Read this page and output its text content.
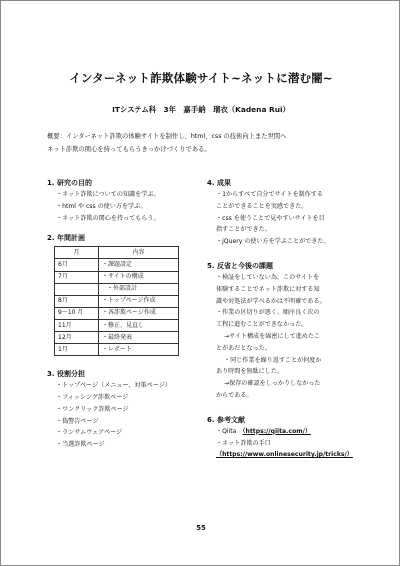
インターネット詐欺体験サイト~ネットに潜む闇~
ITシステム科　3年　嘉手納　瑠衣（Kadena Rui）

概要：インターネット詐欺の体験サイトを制作し、html、css の技術向上また世間へ

ネット詐欺の関心を持ってもらうきっかけづくりである。

1. 研究の目的

・ネット詐欺についての知識を学ぶ。

・html や css の使い方を学ぶ。

・ネット詐欺の関心を持ってもらう。

2. 年間計画

月	内容
6月	・課題設定
7月	・サイトの構成
	・外部設計
8月	・トップページ作成
9～10 月	・各詐欺ページ作成
11月	・修正、見直し
12月	・最終発表
1月	・レポート

3. 役割分担

・トップページ（メニュー、対策ページ）

・フィッシング詐欺ページ

・ワンクリック詐欺ページ

・偽警告ページ

・ランサムウェアページ

・当選詐欺ページ

4. 成果

・1からすべて自分でサイトを制作する

ことができることを実感できた。

・css を使うことで見やすいサイトを目

指すことができた。

・jQuery の使い方を学ぶことができた。

5. 反省と今後の課題

・検証をしていない為、このサイトを

体験することでネット詐欺に対する知

識や対処法が学べるかは不明確である。

・作業の区切りが悪く、順序良く次の

工程に進むことができなかった。

→サイト構成を綿密にして進めたこ

とがあだとなった。

・同じ作業を繰り返すことが何度か

あり時間を無駄にした。

→保存の確認をしっかりしなかった

からである。

6. 参考文献

・Qiita　（https://qiita.com/）

・ネット詐欺の手口

（https://www.onlinesecurity.jp/tricks/）

55
